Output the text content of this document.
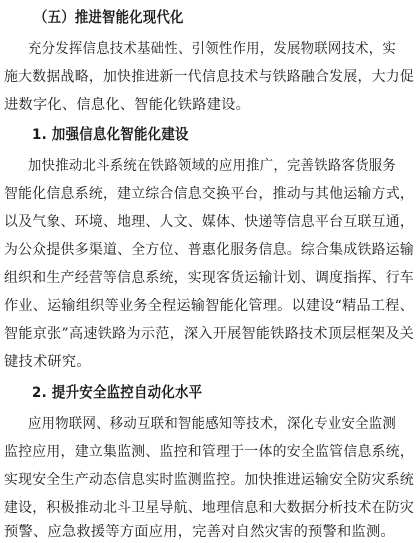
（五）推进智能化现代化
充分发挥信息技术基础性、引领性作用，发展物联网技术，实
施大数据战略，加快推进新一代信息技术与铁路融合发展，大力促
进数字化、信息化、智能化铁路建设。
1. 加强信息化智能化建设
加快推动北斗系统在铁路领域的应用推广，完善铁路客货服务
智能化信息系统，建立综合信息交换平台，推动与其他运输方式，
以及气象、环境、地理、人文、媒体、快递等信息平台互联互通，
为公众提供多渠道、全方位、普惠化服务信息。综合集成铁路运输
组织和生产经营等信息系统，实现客货运输计划、调度指挥、行车
作业、运输组织等业务全程运输智能化管理。以建设“精品工程、
智能京张”高速铁路为示范，深入开展智能铁路技术顶层框架及关
键技术研究。
2. 提升安全监控自动化水平
应用物联网、移动互联和智能感知等技术，深化专业安全监测
监控应用，建立集监测、监控和管理于一体的安全监管信息系统，
实现安全生产动态信息实时监测监控。加快推进运输安全防灾系统
建设，积极推动北斗卫星导航、地理信息和大数据分析技术在防灾
预警、应急救援等方面应用，完善对自然灾害的预警和监测。
